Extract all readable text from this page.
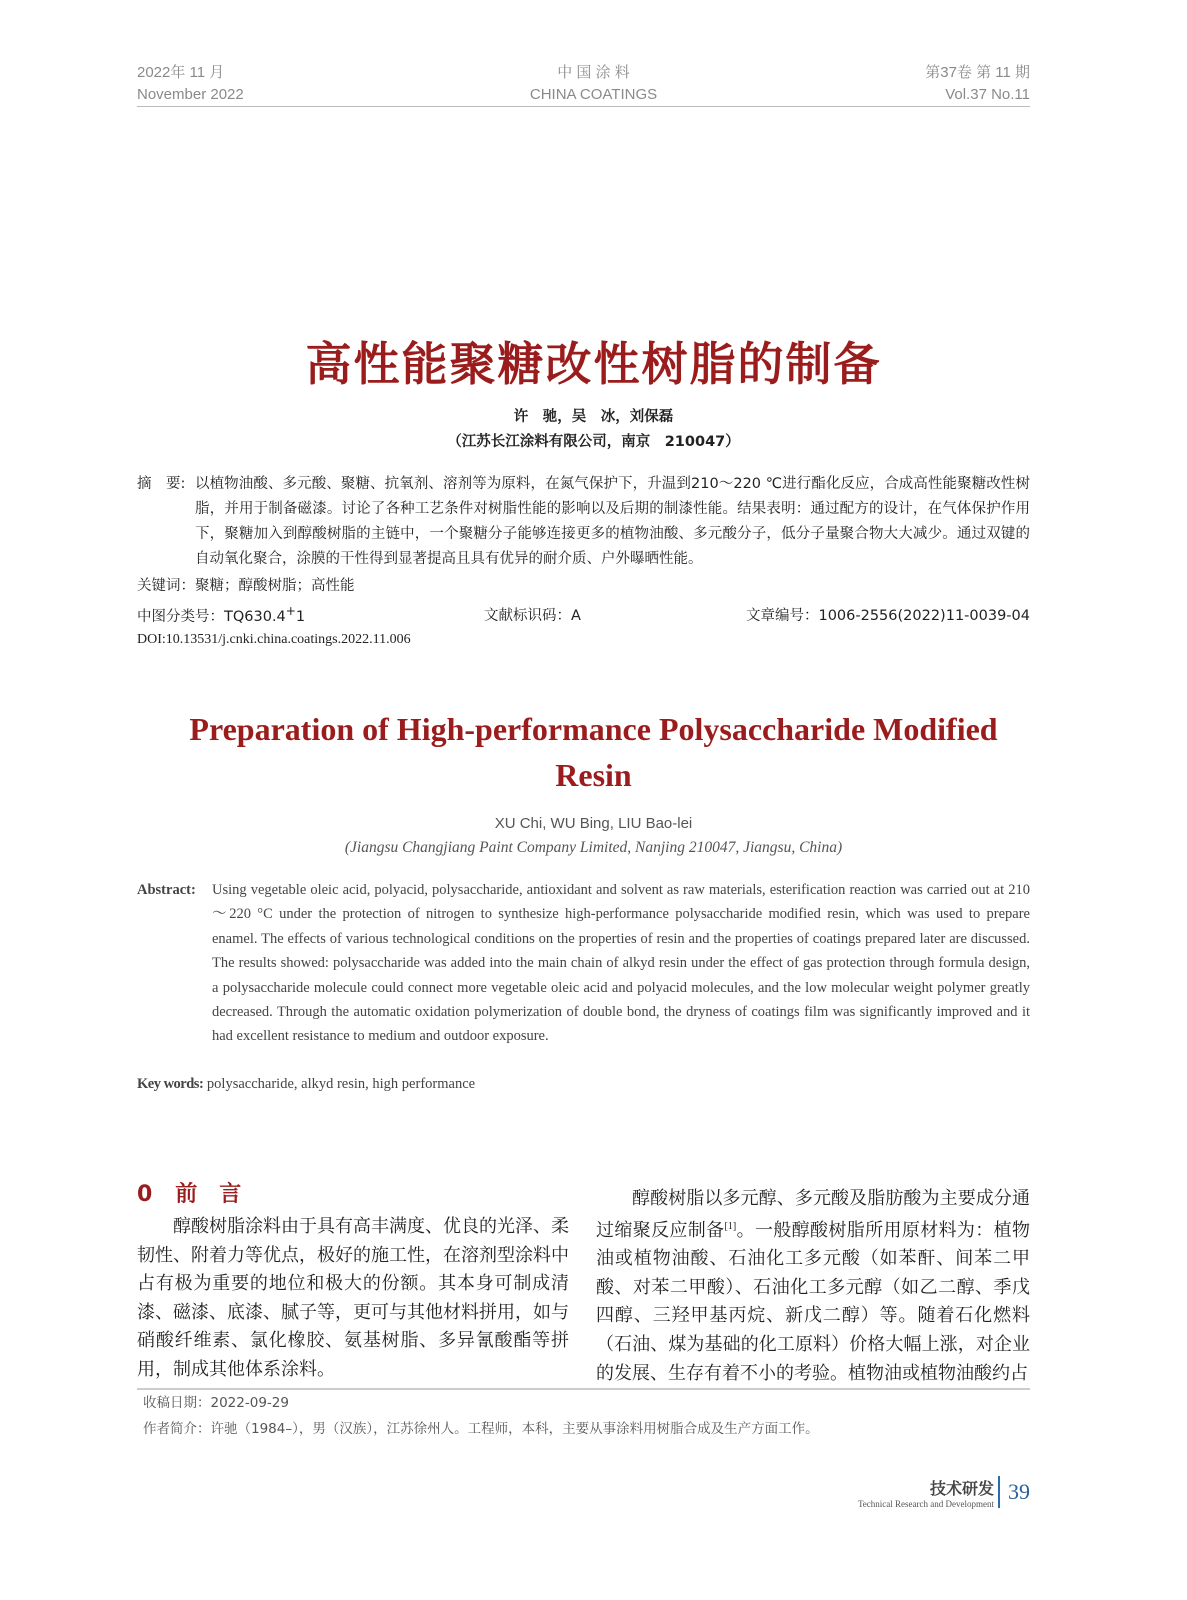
2022年 11 月
November 2022
中 国 涂 料
CHINA COATINGS
第37卷 第 11 期
Vol.37 No.11
高性能聚糖改性树脂的制备
许　驰，吴　冰，刘保磊
（江苏长江涂料有限公司，南京　210047）
摘　要: 以植物油酸、多元酸、聚糖、抗氧剂、溶剂等为原料，在氮气保护下，升温到210～220 ℃进行酯化反应，合成高性能聚糖改性树脂，并用于制备磁漆。讨论了各种工艺条件对树脂性能的影响以及后期的制漆性能。结果表明：通过配方的设计，在气体保护作用下，聚糖加入到醇酸树脂的主链中，一个聚糖分子能够连接更多的植物油酸、多元酸分子，低分子量聚合物大大减少。通过双键的自动氧化聚合，涂膜的干性得到显著提高且具有优异的耐介质、户外曝晒性能。
关键词：聚糖；醇酸树脂；高性能
中图分类号：TQ630.4+1	文献标识码：A	文章编号：1006-2556(2022)11-0039-04
DOI:10.13531/j.cnki.china.coatings.2022.11.006
Preparation of High-performance Polysaccharide Modified Resin
XU Chi, WU Bing, LIU Bao-lei
(Jiangsu Changjiang Paint Company Limited, Nanjing 210047, Jiangsu, China)
Abstract:	Using vegetable oleic acid, polyacid, polysaccharide, antioxidant and solvent as raw materials, esterification reaction was carried out at 210～220 °C under the protection of nitrogen to synthesize high-performance polysaccharide modified resin, which was used to prepare enamel. The effects of various technological conditions on the properties of resin and the properties of coatings prepared later are discussed. The results showed: polysaccharide was added into the main chain of alkyd resin under the effect of gas protection through formula design, a polysaccharide molecule could connect more vegetable oleic acid and polyacid molecules, and the low molecular weight polymer greatly decreased. Through the automatic oxidation polymerization of double bond, the dryness of coatings film was significantly improved and it had excellent resistance to medium and outdoor exposure.
Key words: polysaccharide, alkyd resin, high performance
0 前　言

醇酸树脂涂料由于具有高丰满度、优良的光泽、柔韧性、附着力等优点，极好的施工性，在溶剂型涂料中占有极为重要的地位和极大的份额。其本身可制成清漆、磁漆、底漆、腻子等，更可与其他材料拼用，如与硝酸纤维素、氯化橡胶、氨基树脂、多异氰酸酯等拼用，制成其他体系涂料。

醇酸树脂以多元醇、多元酸及脂肪酸为主要成分通过缩聚反应制备[1]。一般醇酸树脂所用原材料为：植物油或植物油酸、石油化工多元酸（如苯酐、间苯二甲酸、对苯二甲酸）、石油化工多元醇（如乙二醇、季戊四醇、三羟甲基丙烷、新戊二醇）等。随着石化燃料（石油、煤为基础的化工原料）价格大幅上涨，对企业的发展、生存有着不小的考验。植物油或植物油酸约占

收稿日期：2022-09-29
作者简介：许驰（1984–），男（汉族），江苏徐州人。工程师，本科，主要从事涂料用树脂合成及生产方面工作。
技术研发
Technical Research and Development 39
